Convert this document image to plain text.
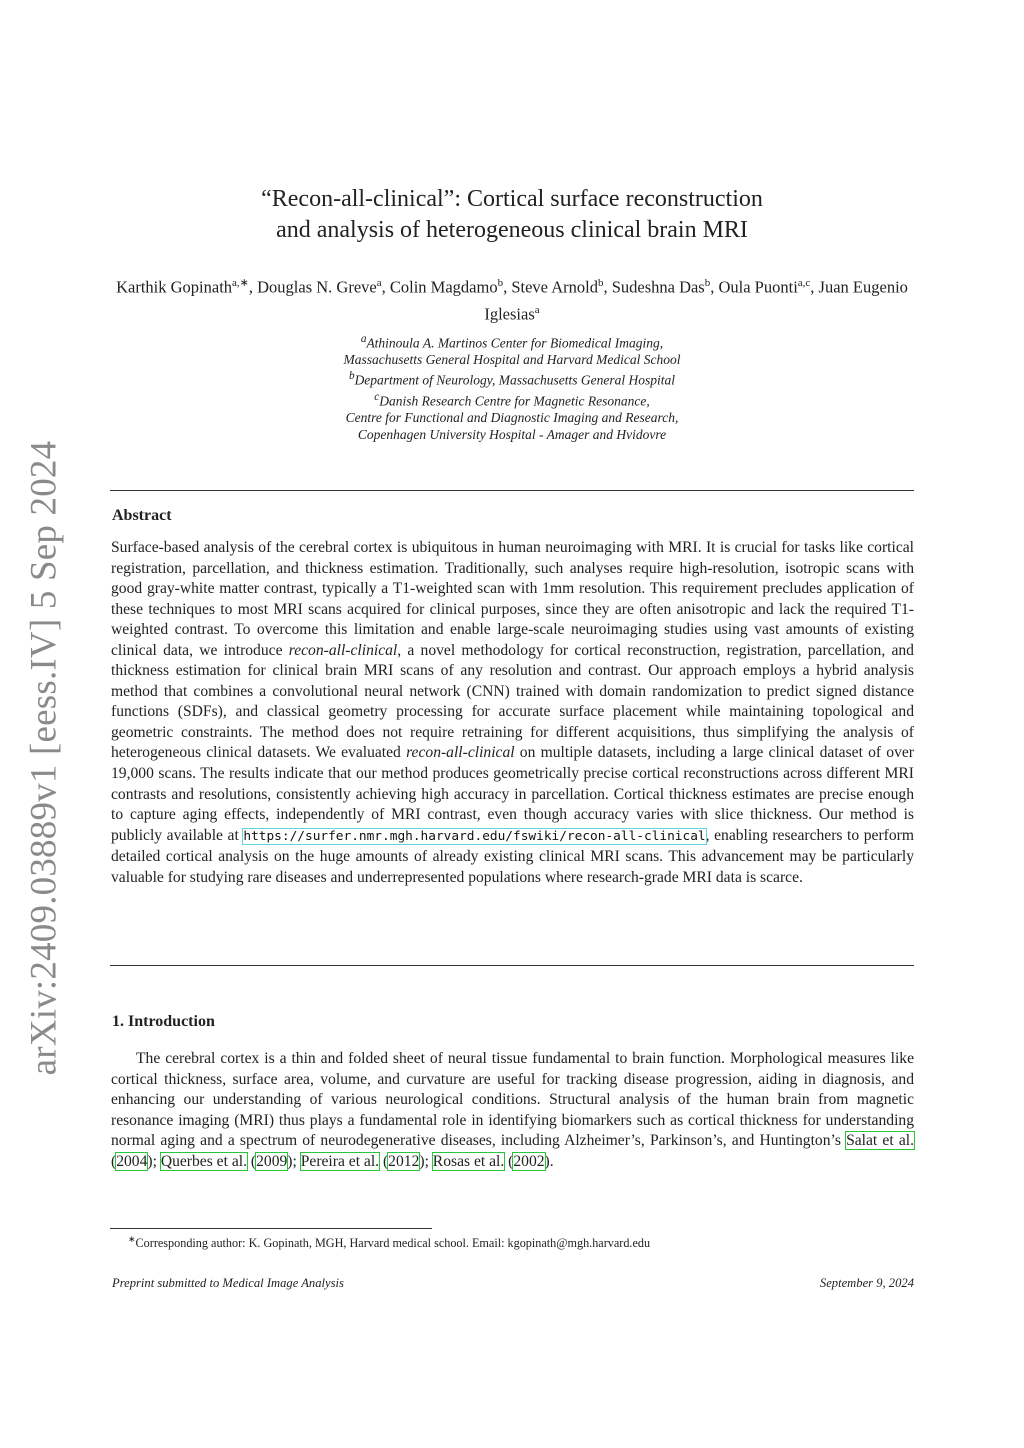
arXiv:2409.03889v1 [eess.IV] 5 Sep 2024
“Recon-all-clinical”: Cortical surface reconstruction
and analysis of heterogeneous clinical brain MRI
Karthik Gopinath$^{a,∗}$, Douglas N. Greve$^a$, Colin Magdamo$^b$, Steve Arnold$^b$, Sudeshna Das$^b$, Oula Puonti$^{a,c}$, Juan Eugenio Iglesias$^a$
$^a$Athinoula A. Martinos Center for Biomedical Imaging,
Massachusetts General Hospital and Harvard Medical School
$^b$Department of Neurology, Massachusetts General Hospital
$^c$Danish Research Centre for Magnetic Resonance,
Centre for Functional and Diagnostic Imaging and Research,
Copenhagen University Hospital - Amager and Hvidovre
Abstract
Surface-based analysis of the cerebral cortex is ubiquitous in human neuroimaging with MRI. It is crucial for tasks like cortical registration, parcellation, and thickness estimation. Traditionally, such analyses require high-resolution, isotropic scans with good gray-white matter contrast, typically a T1-weighted scan with 1mm resolution. This requirement precludes application of these techniques to most MRI scans acquired for clinical purposes, since they are often anisotropic and lack the required T1-weighted contrast. To overcome this limitation and enable large-scale neuroimaging studies using vast amounts of existing clinical data, we introduce recon-all-clinical, a novel methodology for cortical reconstruction, registration, parcellation, and thickness estimation for clinical brain MRI scans of any resolution and contrast. Our approach employs a hybrid analysis method that combines a convolutional neural network (CNN) trained with domain randomization to predict signed distance functions (SDFs), and classical geometry processing for accurate surface placement while maintaining topological and geometric constraints. The method does not require retraining for different acquisitions, thus simplifying the analysis of heterogeneous clinical datasets. We evaluated recon-all-clinical on multiple datasets, including a large clinical dataset of over 19,000 scans. The results indicate that our method produces geometrically precise cortical reconstructions across different MRI contrasts and resolutions, consistently achieving high accuracy in parcellation. Cortical thickness estimates are precise enough to capture aging effects, independently of MRI contrast, even though accuracy varies with slice thickness. Our method is publicly available at https://surfer.nmr.mgh.harvard.edu/fswiki/recon-all-clinical, enabling researchers to perform detailed cortical analysis on the huge amounts of already existing clinical MRI scans. This advancement may be particularly valuable for studying rare diseases and underrepresented populations where research-grade MRI data is scarce.
1. Introduction
The cerebral cortex is a thin and folded sheet of neural tissue fundamental to brain function. Morphological measures like cortical thickness, surface area, volume, and curvature are useful for tracking disease progression, aiding in diagnosis, and enhancing our understanding of various neurological conditions. Structural analysis of the human brain from magnetic resonance imaging (MRI) thus plays a fundamental role in identifying biomarkers such as cortical thickness for understanding normal aging and a spectrum of neurodegenerative diseases, including Alzheimer’s, Parkinson’s, and Huntington’s Salat et al. (2004); Querbes et al. (2009); Pereira et al. (2012); Rosas et al. (2002).
∗Corresponding author: K. Gopinath, MGH, Harvard medical school. Email: kgopinath@mgh.harvard.edu
Preprint submitted to Medical Image Analysis	September 9, 2024
